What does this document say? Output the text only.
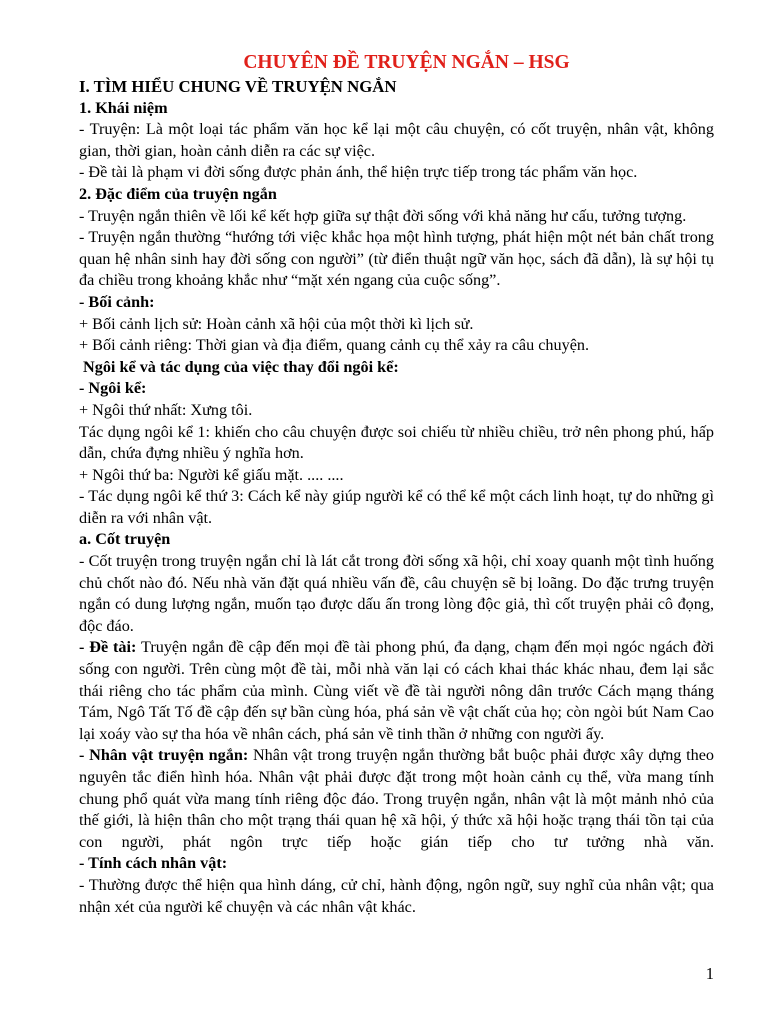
CHUYÊN ĐỀ TRUYỆN NGẮN – HSG

I. TÌM HIỂU CHUNG VỀ TRUYỆN NGẮN

1. Khái niệm

- Truyện: Là một loại tác phẩm văn học kể lại một câu chuyện, có cốt truyện, nhân vật, không gian, thời gian, hoàn cảnh diễn ra các sự việc.

- Đề tài là phạm vi đời sống được phản ánh, thể hiện trực tiếp trong tác phẩm văn học.

2. Đặc điểm của truyện ngắn

- Truyện ngắn thiên về lối kể kết hợp giữa sự thật đời sống với khả năng hư cấu, tưởng tượng.

- Truyện ngắn thường “hướng tới việc khắc họa một hình tượng, phát hiện một nét bản chất trong quan hệ nhân sinh hay đời sống con người” (từ điển thuật ngữ văn học, sách đã dẫn), là sự hội tụ đa chiều trong khoảng khắc như “mặt xén ngang của cuộc sống”.

- Bối cảnh:

+ Bối cảnh lịch sử: Hoàn cảnh xã hội của một thời kì lịch sử.

+ Bối cảnh riêng: Thời gian và địa điểm, quang cảnh cụ thể xảy ra câu chuyện.

Ngôi kể và tác dụng của việc thay đổi ngôi kể:

- Ngôi kể:

+ Ngôi thứ nhất: Xưng tôi.

Tác dụng ngôi kể 1: khiến cho câu chuyện được soi chiếu từ nhiều chiều, trở nên phong phú, hấp dẫn, chứa đựng nhiều ý nghĩa hơn.

+ Ngôi thứ ba: Người kể giấu mặt. .... ....

- Tác dụng ngôi kể thứ 3: Cách kể này giúp người kể có thể kể một cách linh hoạt, tự do những gì diễn ra với nhân vật.

a. Cốt truyện

- Cốt truyện trong truyện ngắn chỉ là lát cắt trong đời sống xã hội, chỉ xoay quanh một tình huống chủ chốt nào đó. Nếu nhà văn đặt quá nhiều vấn đề, câu chuyện sẽ bị loãng. Do đặc trưng truyện ngắn có dung lượng ngắn, muốn tạo được dấu ấn trong lòng độc giả, thì cốt truyện phải cô đọng, độc đáo.

- Đề tài: Truyện ngắn đề cập đến mọi đề tài phong phú, đa dạng, chạm đến mọi ngóc ngách đời sống con người. Trên cùng một đề tài, mỗi nhà văn lại có cách khai thác khác nhau, đem lại sắc thái riêng cho tác phẩm của mình. Cùng viết về đề tài người nông dân trước Cách mạng tháng Tám, Ngô Tất Tố đề cập đến sự bần cùng hóa, phá sản về vật chất của họ; còn ngòi bút Nam Cao lại xoáy vào sự tha hóa về nhân cách, phá sản về tinh thần ở những con người ấy.

- Nhân vật truyện ngắn: Nhân vật trong truyện ngắn thường bắt buộc phải được xây dựng theo nguyên tắc điển hình hóa. Nhân vật phải được đặt trong một hoàn cảnh cụ thể, vừa mang tính chung phổ quát vừa mang tính riêng độc đáo. Trong truyện ngắn, nhân vật là một mảnh nhỏ của thế giới, là hiện thân cho một trạng thái quan hệ xã hội, ý thức xã hội hoặc trạng thái tồn tại của con người, phát ngôn trực tiếp hoặc gián tiếp cho tư tưởng nhà văn.

- Tính cách nhân vật:

- Thường được thể hiện qua hình dáng, cử chỉ, hành động, ngôn ngữ, suy nghĩ của nhân vật; qua nhận xét của người kể chuyện và các nhân vật khác.

1
